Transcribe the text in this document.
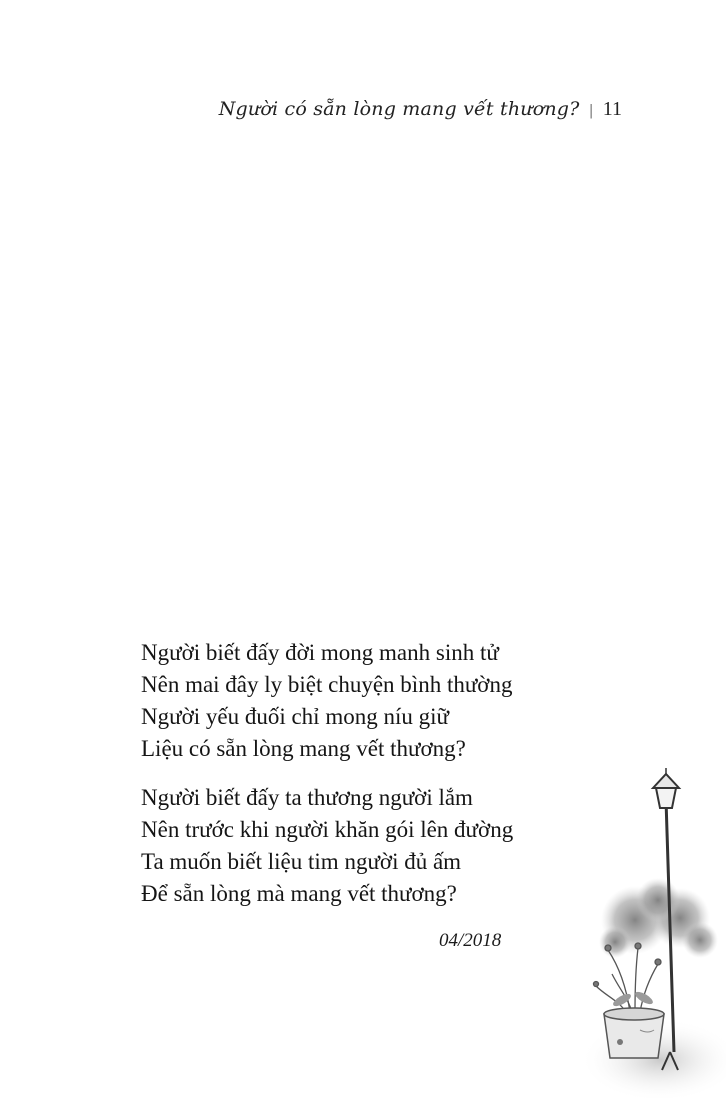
Người có sẵn lòng mang vết thương? | 11
Người biết đấy đời mong manh sinh tử
Nên mai đây ly biệt chuyện bình thường
Người yếu đuối chỉ mong níu giữ
Liệu có sẵn lòng mang vết thương?
Người biết đấy ta thương người lắm
Nên trước khi người khăn gói lên đường
Ta muốn biết liệu tim người đủ ấm
Để sẵn lòng mà mang vết thương?
04/2018
